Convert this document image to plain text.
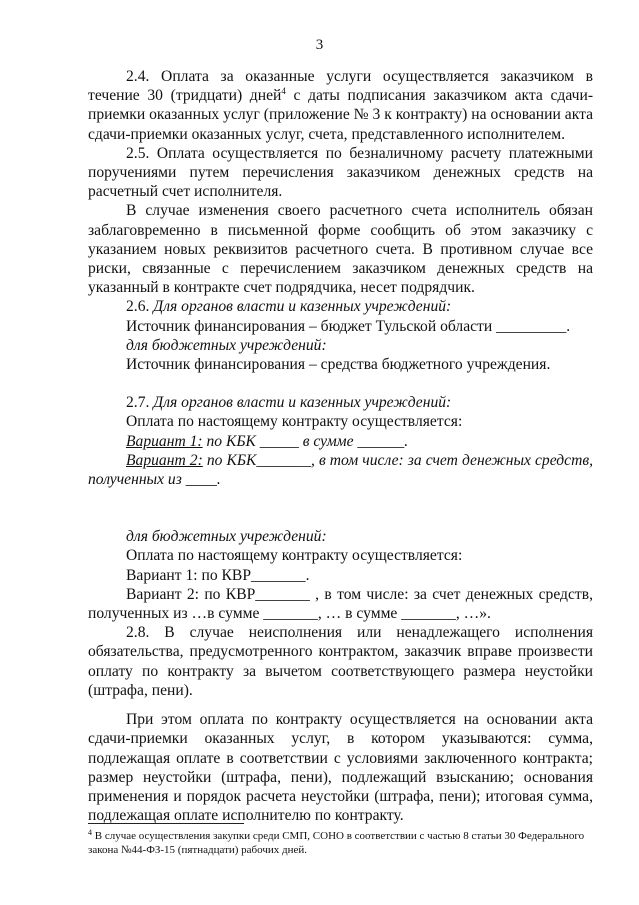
3

2.4. Оплата за оказанные услуги осуществляется заказчиком в течение 30 (тридцати) дней$^4$ с даты подписания заказчиком акта сдачи-приемки оказанных услуг (приложение № 3 к контракту) на основании акта сдачи-приемки оказанных услуг, счета, представленного исполнителем.

2.5. Оплата осуществляется по безналичному расчету платежными поручениями путем перечисления заказчиком денежных средств на расчетный счет исполнителя.

В случае изменения своего расчетного счета исполнитель обязан заблаговременно в письменной форме сообщить об этом заказчику с указанием новых реквизитов расчетного счета. В противном случае все риски, связанные с перечислением заказчиком денежных средств на указанный в контракте счет подрядчика, несет подрядчик.

2.6. Для органов власти и казенных учреждений:

Источник финансирования – бюджет Тульской области _________.

для бюджетных учреждений:

Источник финансирования – средства бюджетного учреждения.

2.7. Для органов власти и казенных учреждений:

Оплата по настоящему контракту осуществляется:

Вариант 1: по КБК _____ в сумме ______.

Вариант 2: по КБК_______, в том числе: за счет денежных средств, полученных из ____.

для бюджетных учреждений:

Оплата по настоящему контракту осуществляется:

Вариант 1: по КВР_______.

Вариант 2: по КВР_______ , в том числе: за счет денежных средств, полученных из …в сумме _______, … в сумме _______, …».

2.8. В случае неисполнения или ненадлежащего исполнения обязательства, предусмотренного контрактом, заказчик вправе произвести оплату по контракту за вычетом соответствующего размера неустойки (штрафа, пени).

При этом оплата по контракту осуществляется на основании акта сдачи-приемки оказанных услуг, в котором указываются: сумма, подлежащая оплате в соответствии с условиями заключенного контракта; размер неустойки (штрафа, пени), подлежащий взысканию; основания применения и порядок расчета неустойки (штрафа, пени); итоговая сумма, подлежащая оплате исполнителю по контракту.

$^4$ В случае осуществления закупки среди СМП, СОНО в соответствии с частью 8 статьи 30 Федерального закона №44-ФЗ-15 (пятнадцати) рабочих дней.
